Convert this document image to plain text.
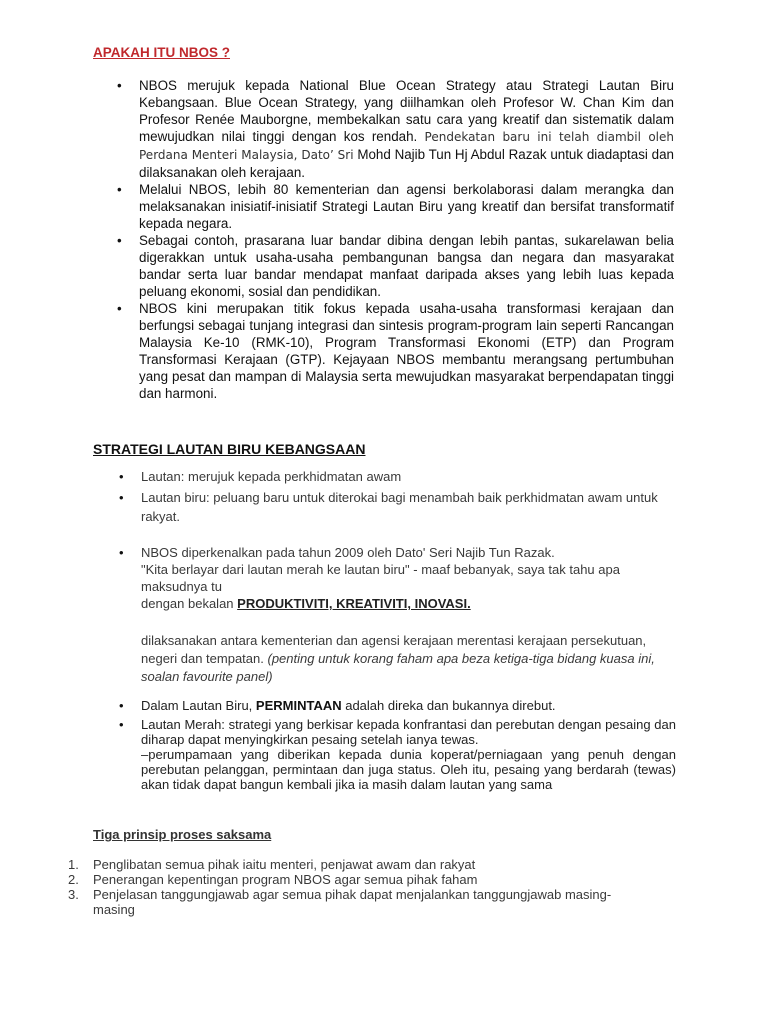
APAKAH ITU NBOS ?
• NBOS merujuk kepada National Blue Ocean Strategy atau Strategi Lautan Biru Kebangsaan. Blue Ocean Strategy, yang diilhamkan oleh Profesor W. Chan Kim dan Profesor Renée Mauborgne, membekalkan satu cara yang kreatif dan sistematik dalam mewujudkan nilai tinggi dengan kos rendah. Pendekatan baru ini telah diambil oleh Perdana Menteri Malaysia, Dato’ Sri Mohd Najib Tun Hj Abdul Razak untuk diadaptasi dan dilaksanakan oleh kerajaan.
• Melalui NBOS, lebih 80 kementerian dan agensi berkolaborasi dalam merangka dan melaksanakan inisiatif-inisiatif Strategi Lautan Biru yang kreatif dan bersifat transformatif kepada negara.
• Sebagai contoh, prasarana luar bandar dibina dengan lebih pantas, sukarelawan belia digerakkan untuk usaha-usaha pembangunan bangsa dan negara dan masyarakat bandar serta luar bandar mendapat manfaat daripada akses yang lebih luas kepada peluang ekonomi, sosial dan pendidikan.
• NBOS kini merupakan titik fokus kepada usaha-usaha transformasi kerajaan dan berfungsi sebagai tunjang integrasi dan sintesis program-program lain seperti Rancangan Malaysia Ke-10 (RMK-10), Program Transformasi Ekonomi (ETP) dan Program Transformasi Kerajaan (GTP). Kejayaan NBOS membantu merangsang pertumbuhan yang pesat dan mampan di Malaysia serta mewujudkan masyarakat berpendapatan tinggi dan harmoni.
STRATEGI LAUTAN BIRU KEBANGSAAN
• Lautan: merujuk kepada perkhidmatan awam
• Lautan biru: peluang baru untuk diterokai bagi menambah baik perkhidmatan awam untuk rakyat.
• NBOS diperkenalkan pada tahun 2009 oleh Dato' Seri Najib Tun Razak.
"Kita berlayar dari lautan merah ke lautan biru" - maaf bebanyak, saya tak tahu apa maksudnya tu
dengan bekalan PRODUKTIVITI, KREATIVITI, INOVASI.
dilaksanakan antara kementerian dan agensi kerajaan merentasi kerajaan persekutuan, negeri dan tempatan. (penting untuk korang faham apa beza ketiga-tiga bidang kuasa ini, soalan favourite panel)
• Dalam Lautan Biru, PERMINTAAN adalah direka dan bukannya direbut.
• Lautan Merah: strategi yang berkisar kepada konfrantasi dan perebutan dengan pesaing dan diharap dapat menyingkirkan pesaing setelah ianya tewas.
–perumpamaan yang diberikan kepada dunia koperat/perniagaan yang penuh dengan perebutan pelanggan, permintaan dan juga status. Oleh itu, pesaing yang berdarah (tewas) akan tidak dapat bangun kembali jika ia masih dalam lautan yang sama
Tiga prinsip proses saksama
1. Penglibatan semua pihak iaitu menteri, penjawat awam dan rakyat
2. Penerangan kepentingan program NBOS agar semua pihak faham
3. Penjelasan tanggungjawab agar semua pihak dapat menjalankan tanggungjawab masing-masing
